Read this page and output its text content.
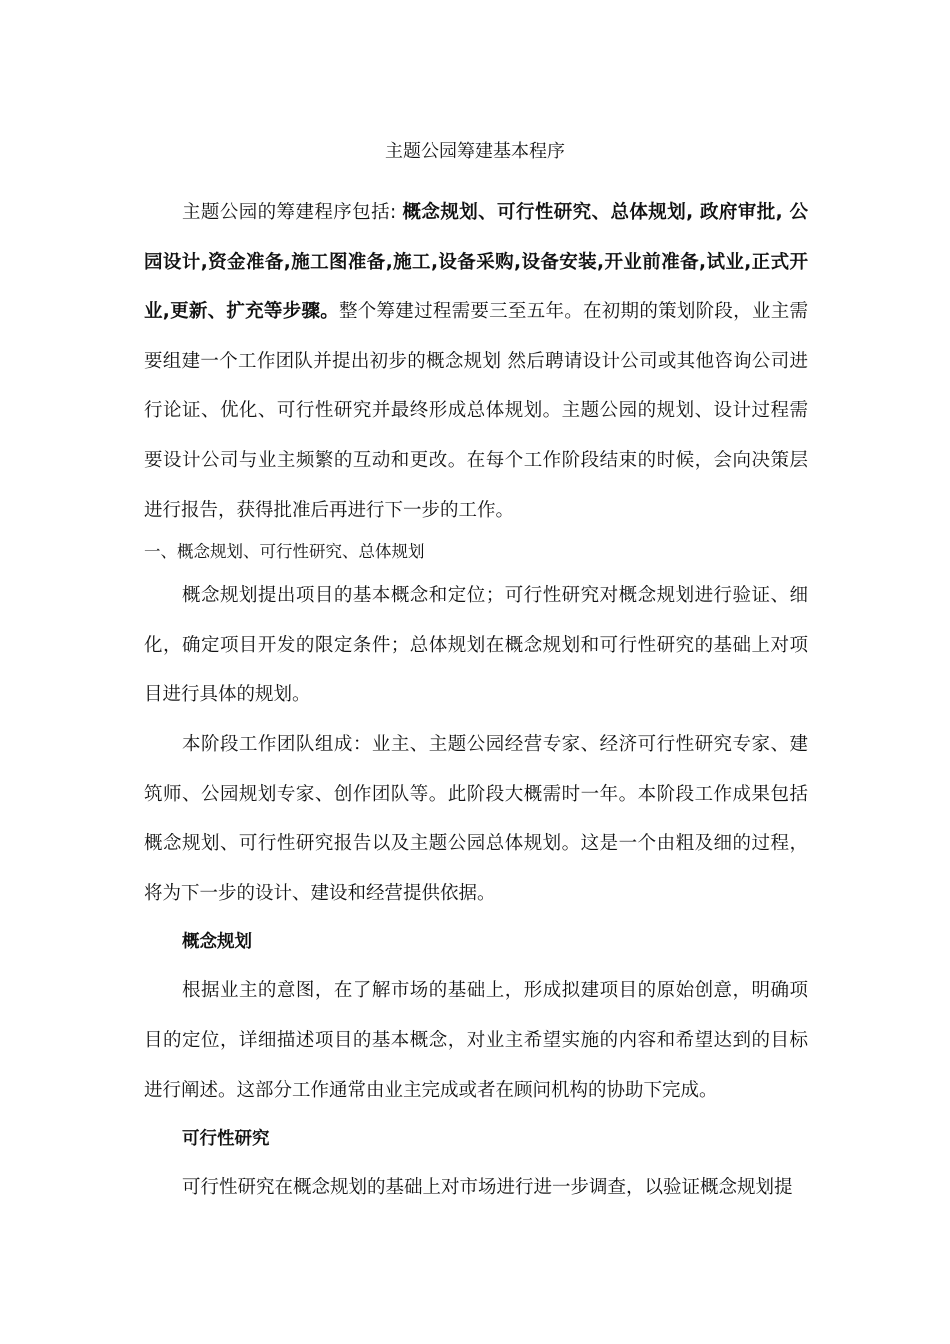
主题公园筹建基本程序

主题公园的筹建程序包括: 概念规划、可行性研究、总体规划, 政府审批, 公园设计,资金准备,施工图准备,施工,设备采购,设备安装,开业前准备,试业,正式开业,更新、扩充等步骤。整个筹建过程需要三至五年。在初期的策划阶段，业主需要组建一个工作团队并提出初步的概念规划 然后聘请设计公司或其他咨询公司进行论证、优化、可行性研究并最终形成总体规划。主题公园的规划、设计过程需要设计公司与业主频繁的互动和更改。在每个工作阶段结束的时候，会向决策层进行报告，获得批准后再进行下一步的工作。

一、概念规划、可行性研究、总体规划

概念规划提出项目的基本概念和定位；可行性研究对概念规划进行验证、细化，确定项目开发的限定条件；总体规划在概念规划和可行性研究的基础上对项目进行具体的规划。

本阶段工作团队组成：业主、主题公园经营专家、经济可行性研究专家、建筑师、公园规划专家、创作团队等。此阶段大概需时一年。本阶段工作成果包括概念规划、可行性研究报告以及主题公园总体规划。这是一个由粗及细的过程，将为下一步的设计、建设和经营提供依据。

概念规划

根据业主的意图，在了解市场的基础上，形成拟建项目的原始创意，明确项目的定位，详细描述项目的基本概念，对业主希望实施的内容和希望达到的目标进行阐述。这部分工作通常由业主完成或者在顾问机构的协助下完成。

可行性研究

可行性研究在概念规划的基础上对市场进行进一步调查，以验证概念规划提
